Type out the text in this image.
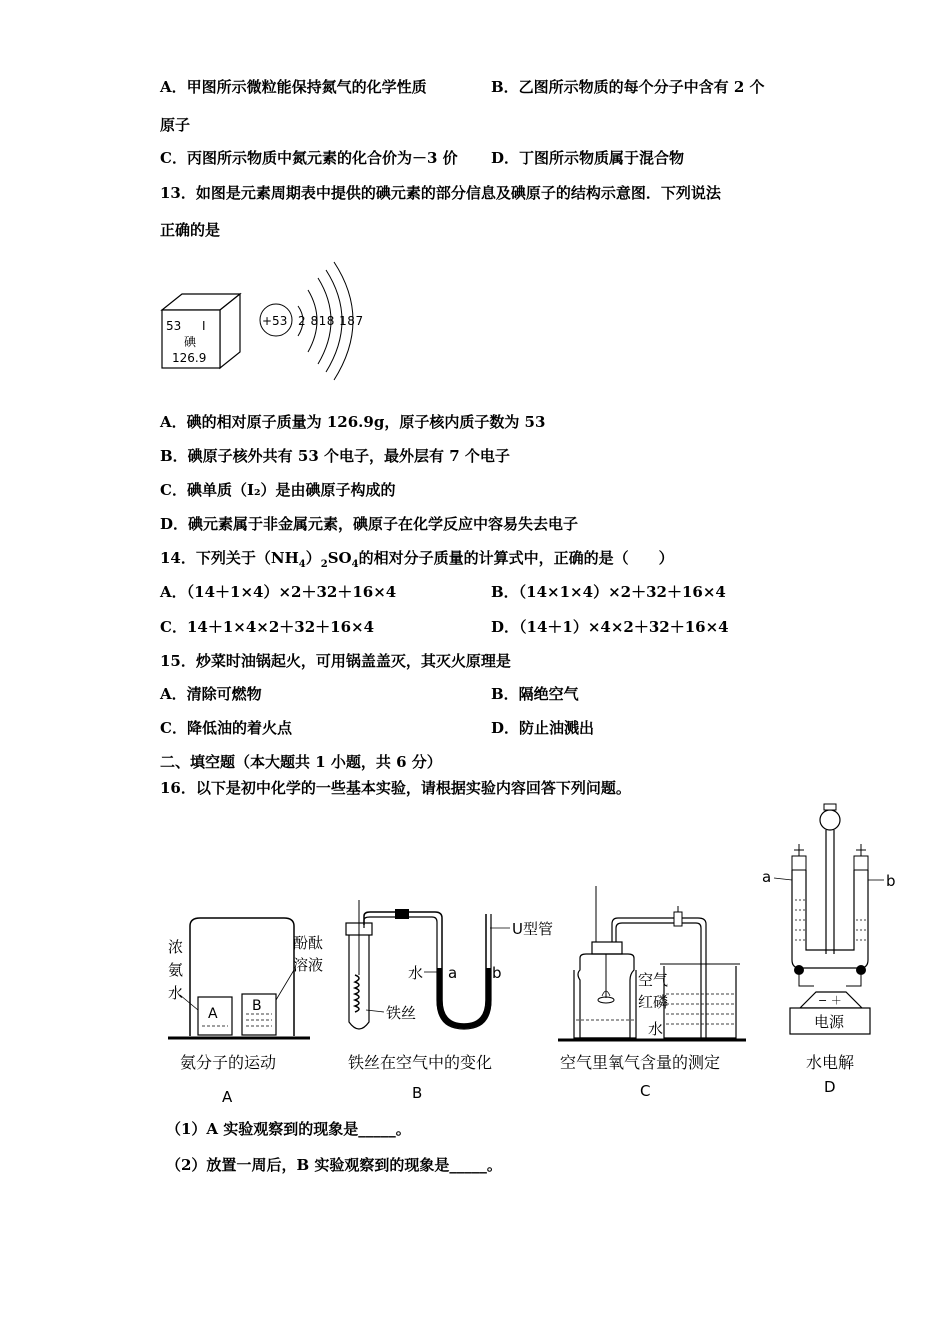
A．甲图所示微粒能保持氮气的化学性质	B．乙图所示物质的每个分子中含有 2 个
原子
C．丙图所示物质中氮元素的化合价为－3 价 D．丁图所示物质属于混合物
13．如图是元素周期表中提供的碘元素的部分信息及碘原子的结构示意图．下列说法
正确的是
53 I
碘
126.9
+53 2 818 187
A．碘的相对原子质量为 126.9g，原子核内质子数为 53
B．碘原子核外共有 53 个电子，最外层有 7 个电子
C．碘单质（I₂）是由碘原子构成的
D．碘元素属于非金属元素，碘原子在化学反应中容易失去电子
14．下列关于$(NH_4)_2SO_4$的相对分子质量的计算式中，正确的是（　　）
A．（14＋1×4）×2＋32＋16×4	B．（14×1×4）×2＋32＋16×4
C．14＋1×4×2＋32＋16×4	D．（14＋1）×4×2＋32＋16×4
15．炒菜时油锅起火，可用锅盖盖灭，其灭火原理是
A．清除可燃物	B．隔绝空气
C．降低油的着火点	D．防止油溅出
二、填空题（本大题共 1 小题，共 6 分）
16．以下是初中化学的一些基本实验，请根据实验内容回答下列问题。
A B
浓
氨
水
酚酞
溶液
氨分子的运动
A
U型管
水 a b
铁丝
铁丝在空气中的变化
B
空气
红磷
水
空气里氧气含量的测定
C
− ＋
电源
a	b
水电解
D
（1）A 实验观察到的现象是_____。
（2）放置一周后，B 实验观察到的现象是_____。
